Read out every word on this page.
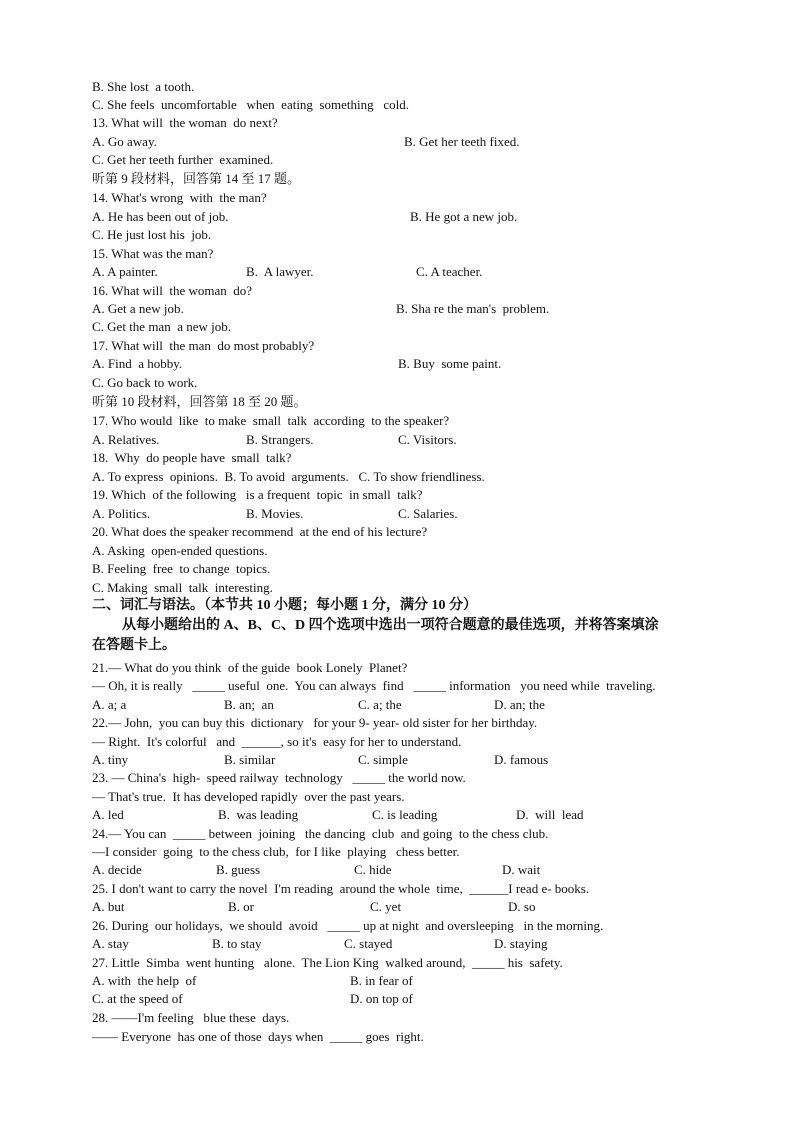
B. She lost  a tooth.
C. She feels  uncomfortable   when  eating  something   cold.
13. What will  the woman  do next?
A. Go away.	B. Get her teeth fixed.
C. Get her teeth further  examined.
听第 9 段材料，回答第 14 至 17 题。
14. What's wrong  with  the man?
A. He has been out of job.	B. He got a new job.
C. He just lost his  job.
15. What was the man?
A. A painter.	B.  A lawyer.	C. A teacher.
16. What will  the woman  do?
A. Get a new job.	B. Sha re the man's  problem.
C. Get the man  a new job.
17. What will  the man  do most probably?
A. Find  a hobby.	B. Buy  some paint.
C. Go back to work.
听第 10 段材料，回答第 18 至 20 题。
17. Who would  like  to make  small  talk  according  to the speaker?
A. Relatives.	B. Strangers.	C. Visitors.
18.  Why  do people have  small  talk?
A. To express  opinions.  B. To avoid  arguments.   C. To show friendliness.
19. Which  of the following   is a frequent  topic  in small  talk?
A. Politics.	B. Movies.	C. Salaries.
20. What does the speaker recommend  at the end of his lecture?
A. Asking  open-ended questions.
B. Feeling  free  to change  topics.
C. Making  small  talk  interesting.
二、词汇与语法。（本节共 10 小题；每小题 1 分，满分 10 分）
从每小题给出的 A、B、C、D 四个选项中选出一项符合题意的最佳选项，并将答案填涂
在答题卡上。
21.— What do you think  of the guide  book Lonely  Planet?
— Oh, it is really   _____ useful  one.  You can always  find   _____ information   you need while  traveling.
A. a; a	B. an;  an	C. a; the	D. an; the
22.— John,  you can buy this  dictionary   for your 9- year- old sister for her birthday.
— Right.  It's colorful   and  ______, so it's  easy for her to understand.
A. tiny	B. similar	C. simple	D. famous
23. — China's  high-  speed railway  technology   _____ the world now.
— That's true.  It has developed rapidly  over the past years.
A. led	B.  was leading	C. is leading	D.  will  lead
24.— You can  _____ between  joining   the dancing  club  and going  to the chess club.
—I consider  going  to the chess club,  for I like  playing   chess better.
A. decide	B. guess	C. hide	D. wait
25. I don't want to carry the novel  I'm reading  around the whole  time,  ______I read e- books.
A. but	B. or	C. yet	D. so
26. During  our holidays,  we should  avoid   _____ up at night  and oversleeping   in the morning.
A. stay	B. to stay	C. stayed	D. staying
27. Little  Simba  went hunting   alone.  The Lion King  walked around,  _____ his  safety.
A. with  the help  of	B. in fear of
C. at the speed of	D. on top of
28. ——I'm feeling   blue these  days.
—— Everyone  has one of those  days when  _____ goes  right.
